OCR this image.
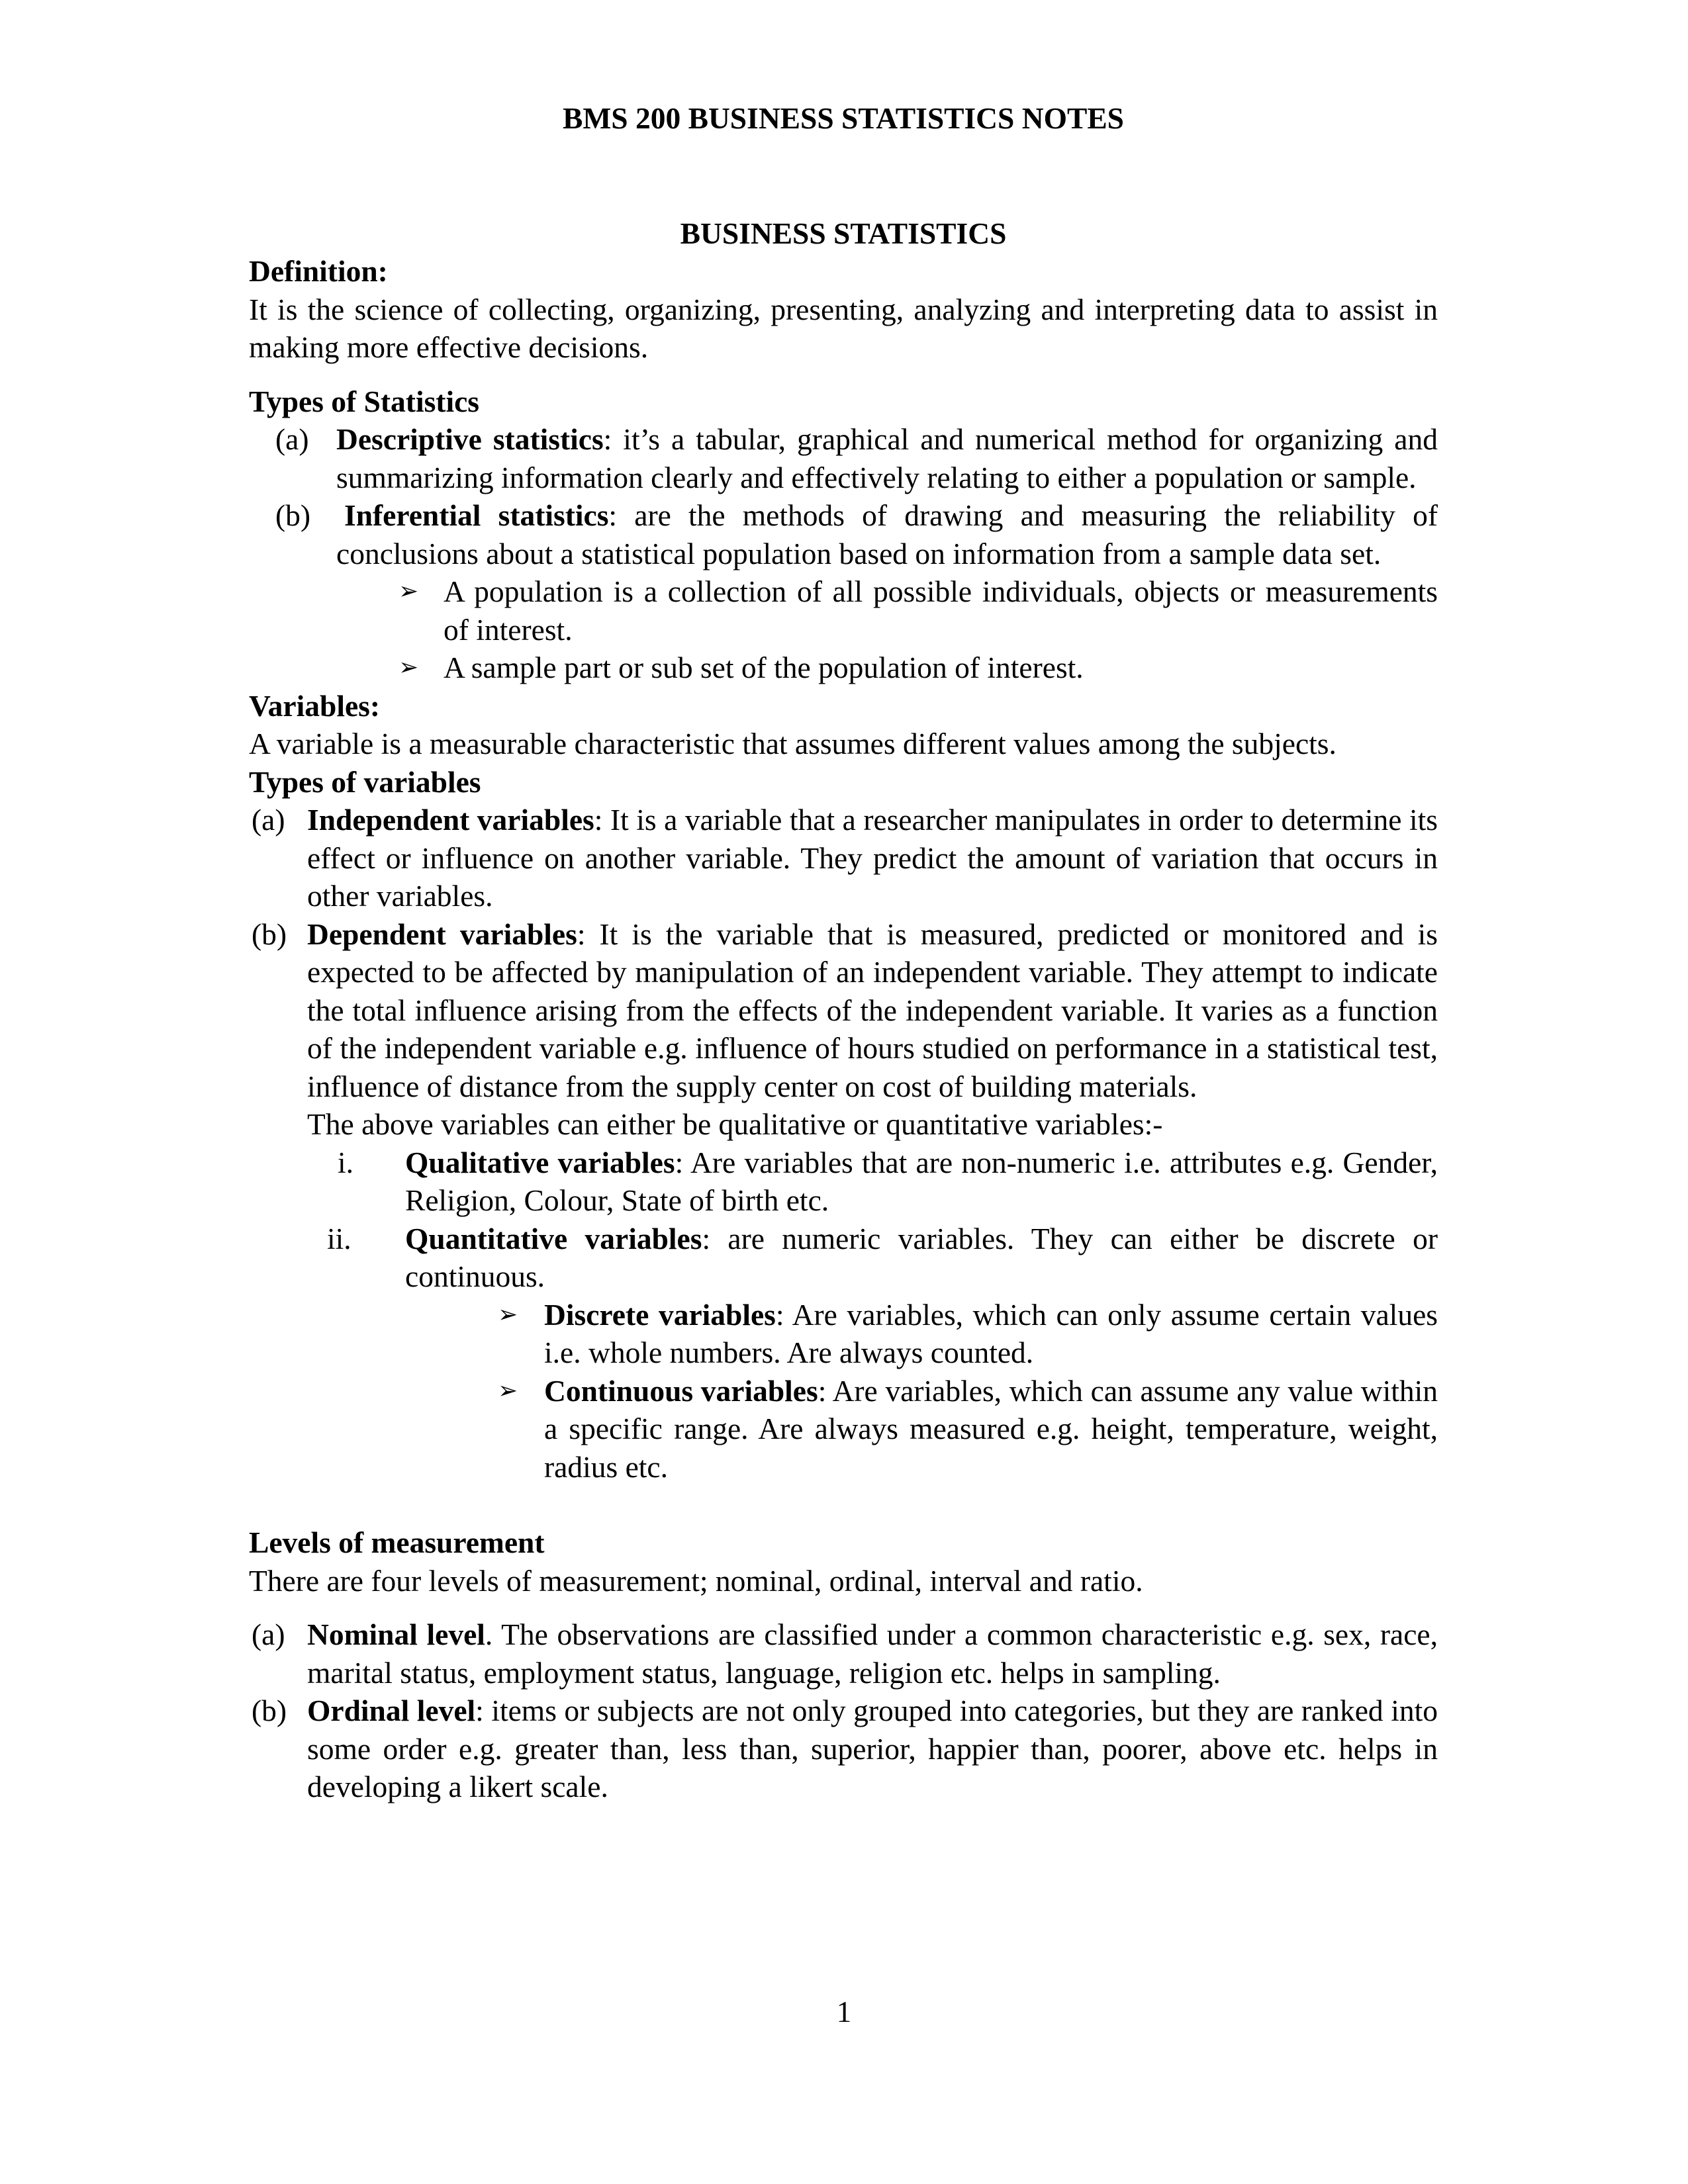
BMS 200 BUSINESS STATISTICS NOTES

BUSINESS STATISTICS

Definition:

It is the science of collecting, organizing, presenting, analyzing and interpreting data to assist in making more effective decisions.

Types of Statistics

(a) Descriptive statistics: it’s a tabular, graphical and numerical method for organizing and summarizing information clearly and effectively relating to either a population or sample.
(b) Inferential statistics: are the methods of drawing and measuring the reliability of conclusions about a statistical population based on information from a sample data set.
➢ A population is a collection of all possible individuals, objects or measurements of interest.
➢ A sample part or sub set of the population of interest.

Variables:

A variable is a measurable characteristic that assumes different values among the subjects.

Types of variables

(a) Independent variables: It is a variable that a researcher manipulates in order to determine its effect or influence on another variable. They predict the amount of variation that occurs in other variables.
(b) Dependent variables: It is the variable that is measured, predicted or monitored and is expected to be affected by manipulation of an independent variable. They attempt to indicate the total influence arising from the effects of the independent variable. It varies as a function of the independent variable e.g. influence of hours studied on performance in a statistical test, influence of distance from the supply center on cost of building materials.

The above variables can either be qualitative or quantitative variables:-

i. Qualitative variables: Are variables that are non-numeric i.e. attributes e.g. Gender, Religion, Colour, State of birth etc.
ii. Quantitative variables: are numeric variables. They can either be discrete or continuous.
➢ Discrete variables: Are variables, which can only assume certain values i.e. whole numbers. Are always counted.
➢ Continuous variables: Are variables, which can assume any value within a specific range. Are always measured e.g. height, temperature, weight, radius etc.

Levels of measurement

There are four levels of measurement; nominal, ordinal, interval and ratio.

(a) Nominal level. The observations are classified under a common characteristic e.g. sex, race, marital status, employment status, language, religion etc. helps in sampling.
(b) Ordinal level: items or subjects are not only grouped into categories, but they are ranked into some order e.g. greater than, less than, superior, happier than, poorer, above etc. helps in developing a likert scale.
1
